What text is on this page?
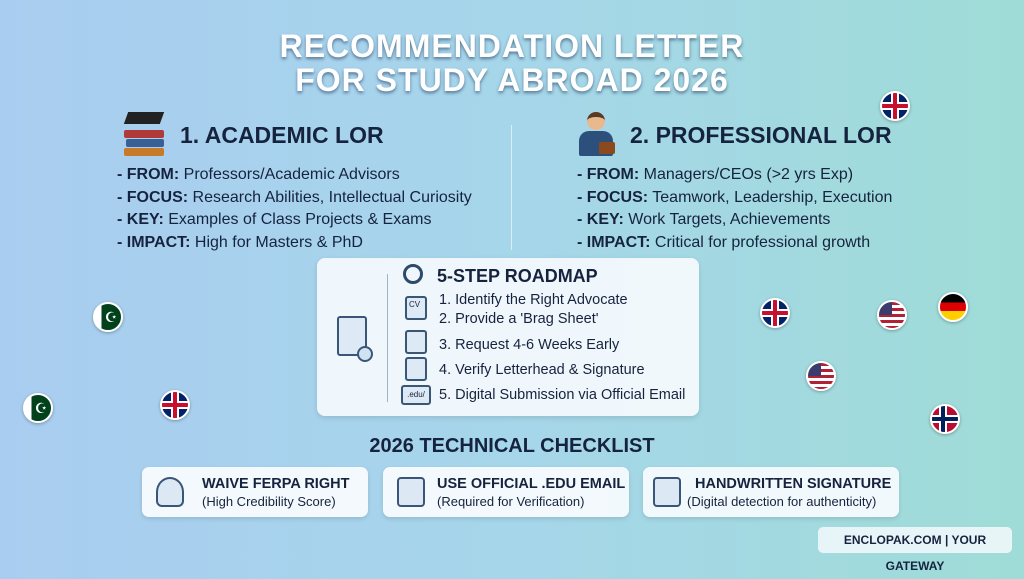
RECOMMENDATION LETTER
FOR STUDY ABROAD 2026
☪
☪
1. ACADEMIC LOR
- FROM: Professors/Academic Advisors
- FOCUS: Research Abilities, Intellectual Curiosity
- KEY: Examples of Class Projects & Exams
- IMPACT: High for Masters & PhD
2. PROFESSIONAL LOR
- FROM: Managers/CEOs (>2 yrs Exp)
- FOCUS: Teamwork, Leadership, Execution
- KEY: Work Targets, Achievements
- IMPACT: Critical for professional growth
5-STEP ROADMAP
CV	1. Identify the Right Advocate
2. Provide a 'Brag Sheet'
3. Request 4-6 Weeks Early
4. Verify Letterhead & Signature
.edu/ 5. Digital Submission via Official Email
2026 TECHNICAL CHECKLIST
WAIVE FERPA RIGHT
(High Credibility Score)
USE OFFICIAL .EDU EMAIL
(Required for Verification)
HANDWRITTEN SIGNATURE
(Digital detection for authenticity)
ENCLOPAK.COM | YOUR GATEWAY
